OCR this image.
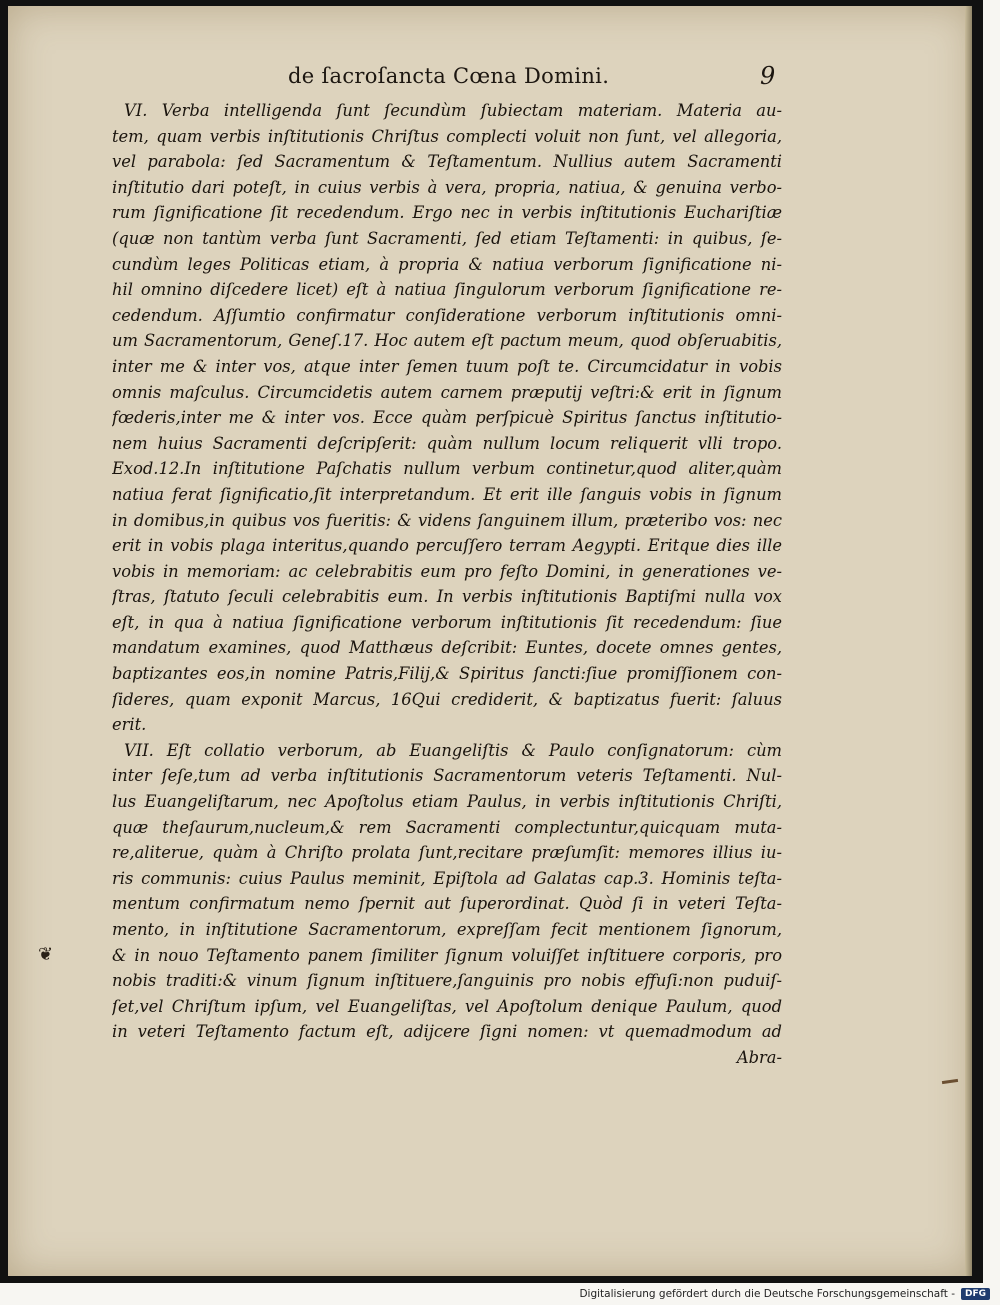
de ſacroſancta Cœna Domini.	9
VI. Verba intelligenda ſunt ſecundùm ſubiectam materiam. Materia au-
tem, quam verbis inſtitutionis Chriſtus complecti voluit non ſunt, vel allegoria,
vel parabola: ſed Sacramentum & Teſtamentum. Nullius autem Sacramenti
inſtitutio dari poteſt, in cuius verbis à vera, propria, natiua, & genuina verbo-
rum ſignificatione ſit recedendum. Ergo nec in verbis inſtitutionis Euchariſtiæ
(quæ non tantùm verba ſunt Sacramenti, ſed etiam Teſtamenti: in quibus, ſe-
cundùm leges Politicas etiam, à propria & natiua verborum ſignificatione ni-
hil omnino diſcedere licet) eſt à natiua ſingulorum verborum ſignificatione re-
cedendum. Aſſumtio confirmatur conſideratione verborum inſtitutionis omni-
um Sacramentorum, Geneſ.17. Hoc autem eſt pactum meum, quod obſeruabitis,
inter me & inter vos, atque inter ſemen tuum poſt te. Circumcidatur in vobis
omnis maſculus. Circumcidetis autem carnem præputij veſtri:& erit in ſignum
fœderis,inter me & inter vos. Ecce quàm perſpicuè Spiritus ſanctus inſtitutio-
nem huius Sacramenti deſcripſerit: quàm nullum locum reliquerit vlli tropo.
Exod.12.In inſtitutione Paſchatis nullum verbum continetur,quod aliter,quàm
natiua ferat ſignificatio,ſit interpretandum. Et erit ille ſanguis vobis in ſignum
in domibus,in quibus vos fueritis: & videns ſanguinem illum, præteribo vos: nec
erit in vobis plaga interitus,quando percuſſero terram Aegypti. Eritque dies ille
vobis in memoriam: ac celebrabitis eum pro feſto Domini, in generationes ve-
ſtras, ſtatuto ſeculi celebrabitis eum. In verbis inſtitutionis Baptiſmi nulla vox
eſt, in qua à natiua ſignificatione verborum inſtitutionis ſit recedendum: ſiue
mandatum examines, quod Matthæus deſcribit: Euntes, docete omnes gentes,
baptizantes eos,in nomine Patris,Filij,& Spiritus ſancti:ſiue promiſſionem con-
ſideres, quam exponit Marcus, 16Qui crediderit, & baptizatus fuerit: ſaluus
erit.
VII. Eſt collatio verborum, ab Euangeliſtis & Paulo conſignatorum: cùm
inter ſeſe,tum ad verba inſtitutionis Sacramentorum veteris Teſtamenti. Nul-
lus Euangeliſtarum, nec Apoſtolus etiam Paulus, in verbis inſtitutionis Chriſti,
quæ theſaurum,nucleum,& rem Sacramenti complectuntur,quicquam muta-
re,aliterue, quàm à Chriſto prolata ſunt,recitare præſumſit: memores illius iu-
ris communis: cuius Paulus meminit, Epiſtola ad Galatas cap.3. Hominis teſta-
mentum confirmatum nemo ſpernit aut ſuperordinat. Quòd ſi in veteri Teſta-
mento, in inſtitutione Sacramentorum, expreſſam fecit mentionem ſignorum,
& in nouo Teſtamento panem ſimiliter ſignum voluiſſet inſtituere corporis, pro
nobis traditi:& vinum ſignum inſtituere,ſanguinis pro nobis effuſi:non puduiſ-
ſet,vel Chriſtum ipſum, vel Euangeliſtas, vel Apoſtolum denique Paulum, quod
in veteri Teſtamento factum eſt, adijcere ſigni nomen: vt quemadmodum ad
Abra-
❦
Digitalisierung gefördert durch die Deutsche Forschungsgemeinschaft -	DFG
